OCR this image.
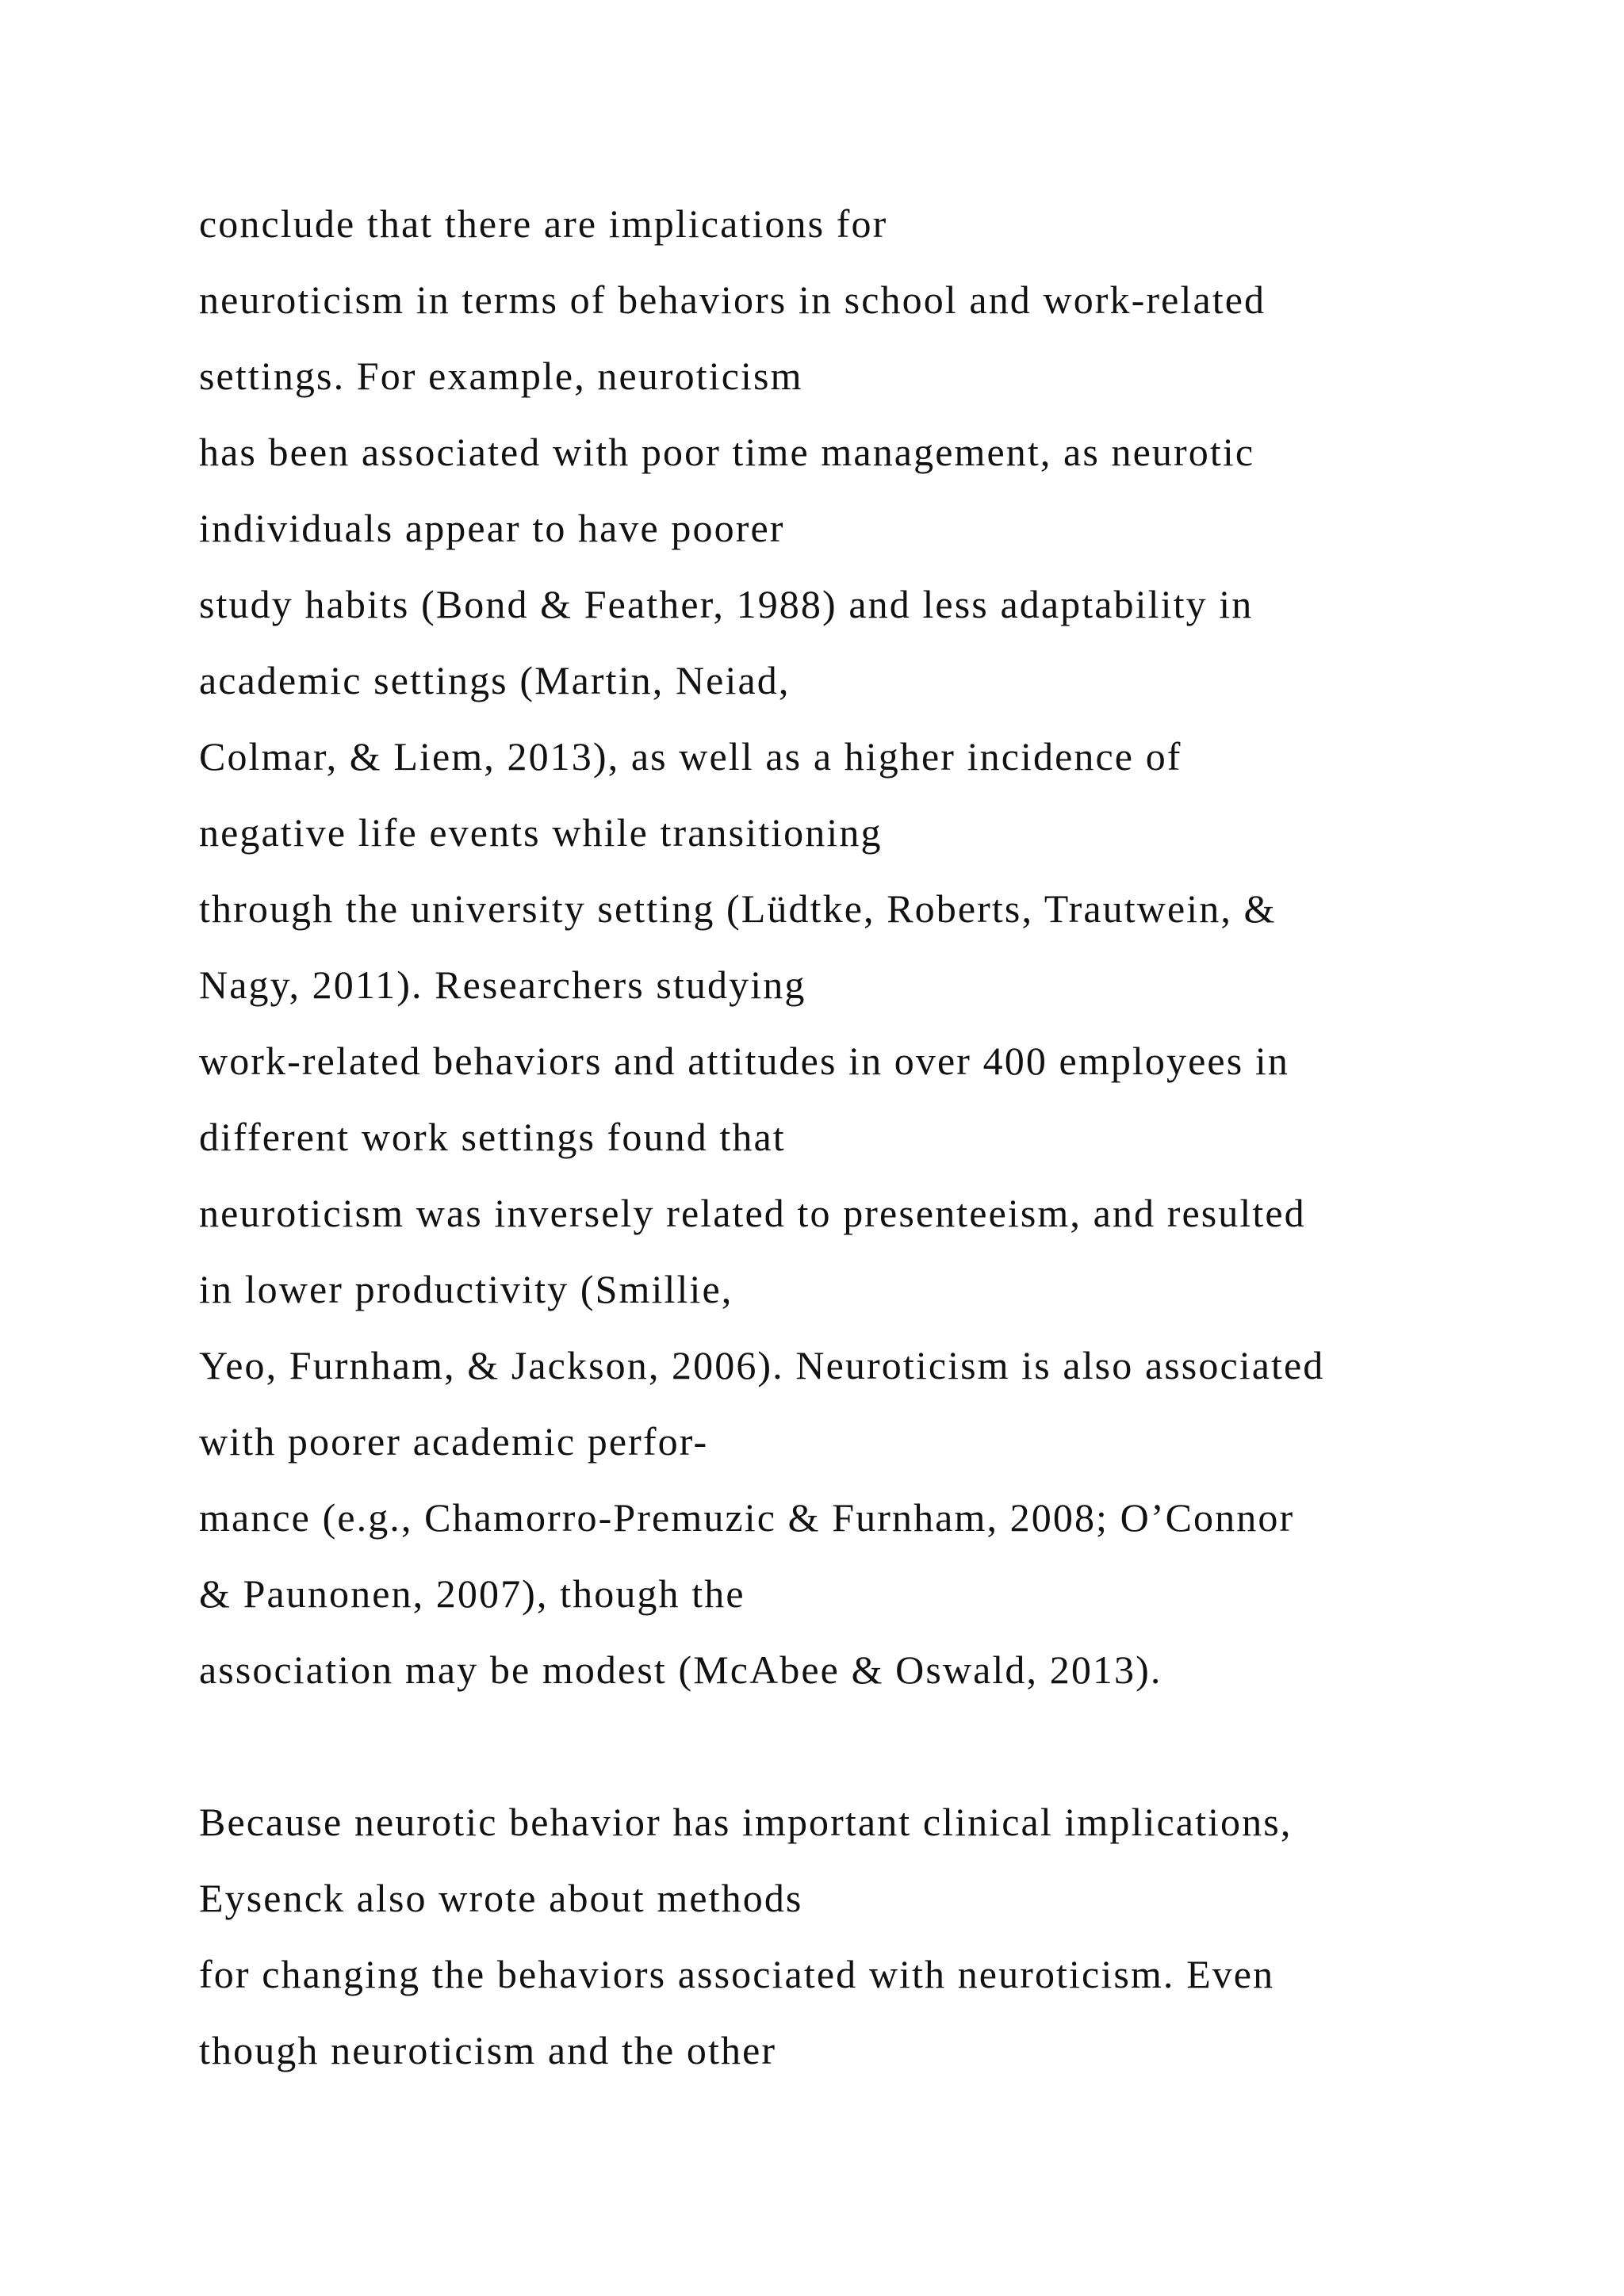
conclude that there are implications for

neuroticism in terms of behaviors in school and work-related

settings. For example, neuroticism

has been associated with poor time management, as neurotic

individuals appear to have poorer

study habits (Bond & Feather, 1988) and less adaptability in

academic settings (Martin, Neiad,

Colmar, & Liem, 2013), as well as a higher incidence of

negative life events while transitioning

through the university setting (Lüdtke, Roberts, Trautwein, &

Nagy, 2011). Researchers studying

work-related behaviors and attitudes in over 400 employees in

different work settings found that

neuroticism was inversely related to presenteeism, and resulted

in lower productivity (Smillie,

Yeo, Furnham, & Jackson, 2006). Neuroticism is also associated

with poorer academic perfor-

mance (e.g., Chamorro-Premuzic & Furnham, 2008; O’Connor

& Paunonen, 2007), though the

association may be modest (McAbee & Oswald, 2013).

Because neurotic behavior has important clinical implications,

Eysenck also wrote about methods

for changing the behaviors associated with neuroticism. Even

though neuroticism and the other
